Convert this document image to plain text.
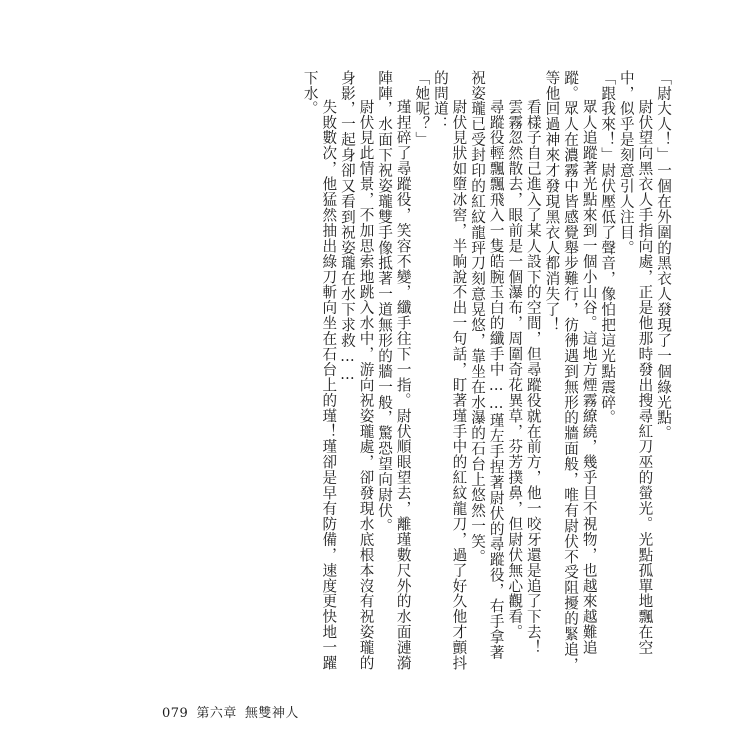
「尉大人！」一個在外圍的黑衣人發現了一個綠光點。

尉伏望向黑衣人手指向處，正是他那時發出搜尋紅刀巫的螢光。光點孤單地飄在空中，似乎是刻意引人注目。

「跟我來！」尉伏壓低了聲音，像怕把這光點震碎。

眾人追蹤著光點來到一個小山谷。這地方煙霧繚繞，幾乎目不視物，也越來越難追蹤。眾人在濃霧中皆感覺舉步難行，彷彿遇到無形的牆面般，唯有尉伏不受阻擾的緊追，等他回過神來才發現黑衣人都消失了！

看樣子自己進入了某人設下的空間，但尋蹤役就在前方，他一咬牙還是追了下去！

雲霧忽然散去，眼前是一個瀑布，周圍奇花異草，芬芳撲鼻，但尉伏無心觀看。

尋蹤役輕飄飄飛入一隻皓腕玉白的纖手中……瑾左手捏著尉伏的尋蹤役，右手拿著祝姿瓏已受封印的紅紋龍玶刀刻意晃悠，靠坐在水瀑的石台上悠然一笑。

尉伏見狀如墮冰窖，半晌說不出一句話，盯著瑾手中的紅紋龍刀，過了好久他才顫抖的問道：

「她呢？」

瑾捏碎了尋蹤役，笑容不變，纖手往下一指。尉伏順眼望去，離瑾數尺外的水面漣漪陣陣，水面下祝姿瓏雙手像抵著一道無形的牆一般，驚恐望向尉伏。

尉伏見此情景，不加思索地跳入水中，游向祝姿瓏處，卻發現水底根本沒有祝姿瓏的身影，一起身卻又看到祝姿瓏在水下求救……

失敗數次，他猛然抽出綠刀斬向坐在石台上的瑾！瑾卻是早有防備，速度更快地一躍下水。

079 第六章 無雙神人
